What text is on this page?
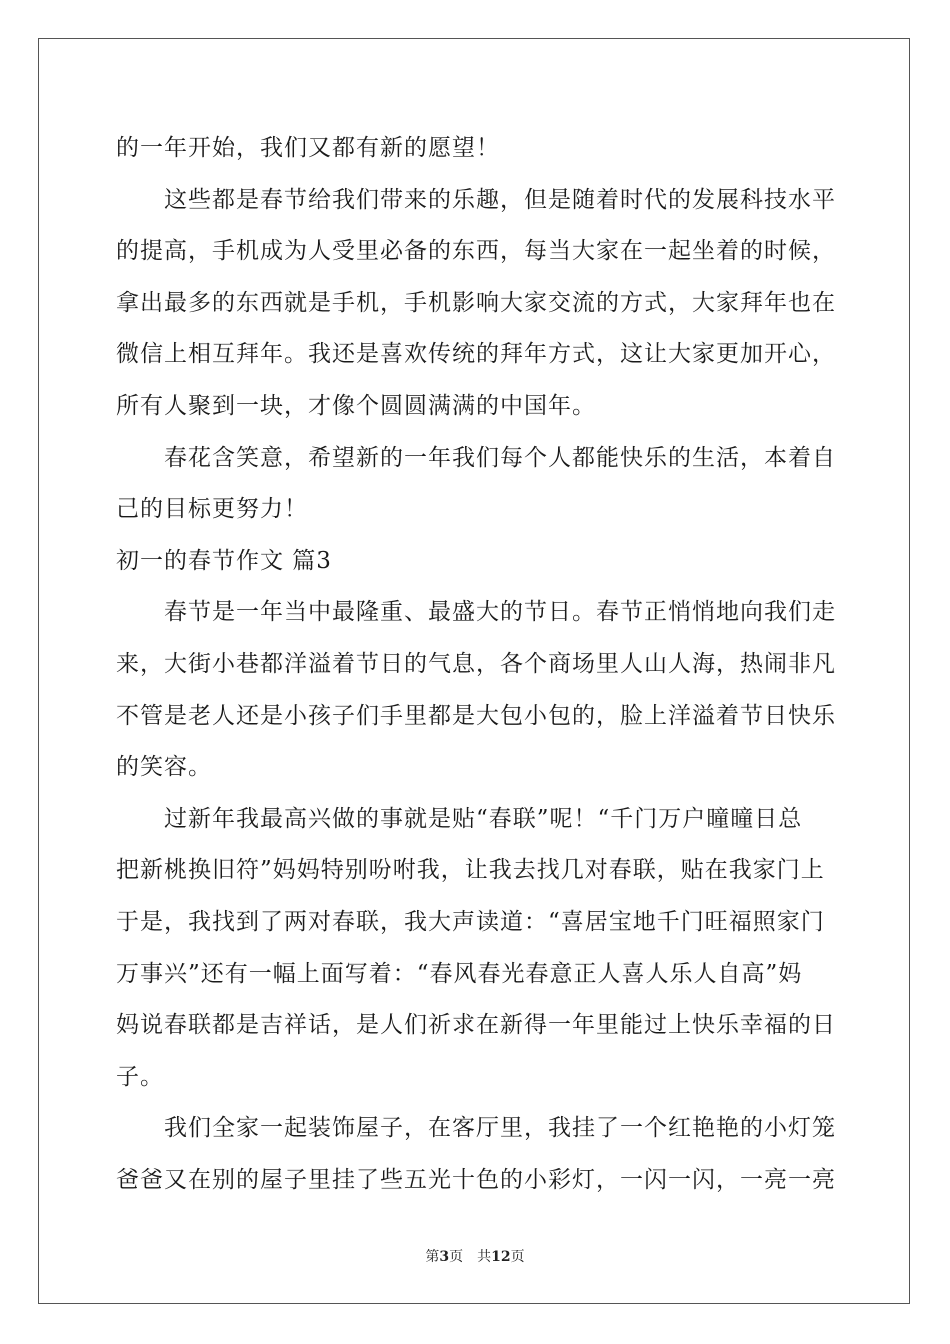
的一年开始，我们又都有新的愿望！
这些都是春节给我们带来的乐趣，但是随着时代的发展科技水平
的提高，手机成为人受里必备的东西，每当大家在一起坐着的时候，
拿出最多的东西就是手机，手机影响大家交流的方式，大家拜年也在
微信上相互拜年。我还是喜欢传统的拜年方式，这让大家更加开心，
所有人聚到一块，才像个圆圆满满的中国年。
春花含笑意，希望新的一年我们每个人都能快乐的生活，本着自
己的目标更努力！
初一的春节作文 篇3
春节是一年当中最隆重、最盛大的节日。春节正悄悄地向我们走
来，大街小巷都洋溢着节日的气息，各个商场里人山人海，热闹非凡
不管是老人还是小孩子们手里都是大包小包的，脸上洋溢着节日快乐
的笑容。
过新年我最高兴做的事就是贴“春联”呢！“千门万户曈曈日总
把新桃换旧符”妈妈特别吩咐我，让我去找几对春联，贴在我家门上
于是，我找到了两对春联，我大声读道：“喜居宝地千门旺福照家门
万事兴”还有一幅上面写着：“春风春光春意正人喜人乐人自高”妈
妈说春联都是吉祥话，是人们祈求在新得一年里能过上快乐幸福的日
子。
我们全家一起装饰屋子，在客厅里，我挂了一个红艳艳的小灯笼
爸爸又在别的屋子里挂了些五光十色的小彩灯，一闪一闪，一亮一亮
第3页 共12页
